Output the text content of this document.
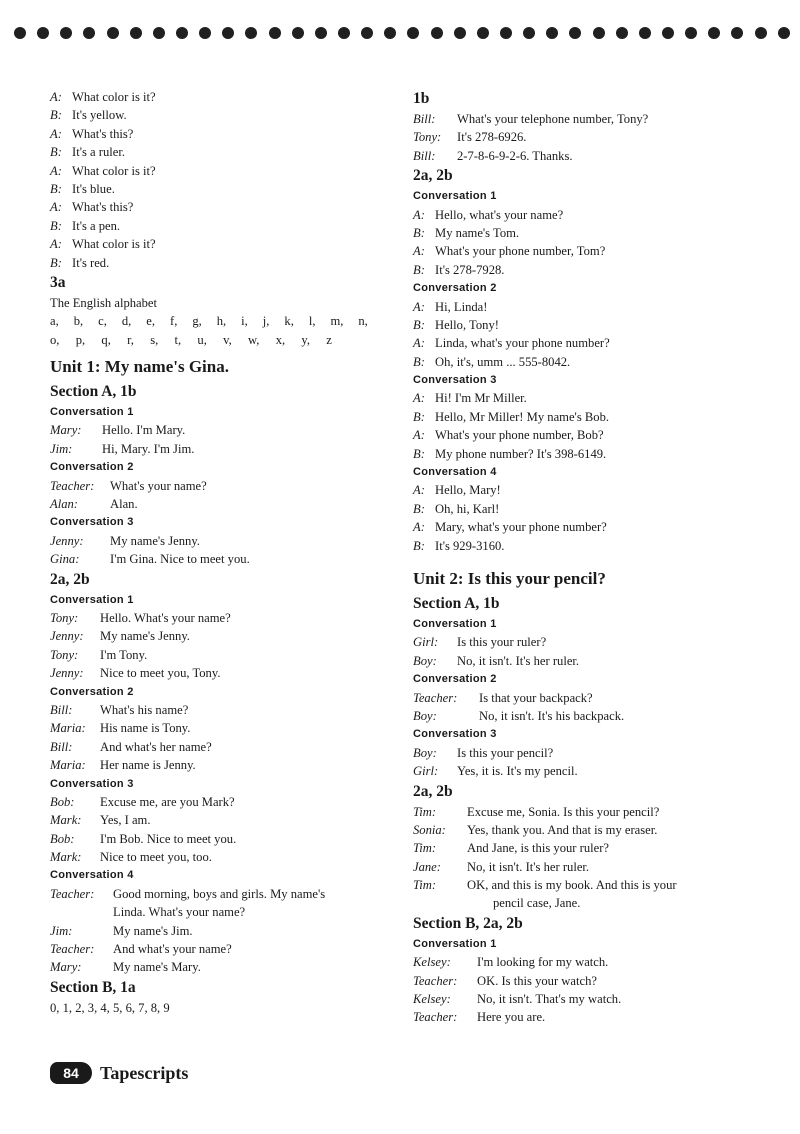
A: What color is it?
B: It's yellow.
A: What's this?
B: It's a ruler.
A: What color is it?
B: It's blue.
A: What's this?
B: It's a pen.
A: What color is it?
B: It's red.
3a
The English alphabet
a, b, c, d, e, f, g, h, i, j, k, l, m, n,
o, p, q, r, s, t, u, v, w, x, y, z
Unit 1: My name's Gina.
Section A, 1b
Conversation 1
Mary:	Hello. I'm Mary.
Jim:	Hi, Mary. I'm Jim.
Conversation 2
Teacher:	What's your name?
Alan:	Alan.
Conversation 3
Jenny:	My name's Jenny.
Gina:	I'm Gina. Nice to meet you.
2a, 2b
Conversation 1
Tony:	Hello. What's your name?
Jenny:	My name's Jenny.
Tony:	I'm Tony.
Jenny:	Nice to meet you, Tony.
Conversation 2
Bill:	What's his name?
Maria:	His name is Tony.
Bill:	And what's her name?
Maria:	Her name is Jenny.
Conversation 3
Bob:	Excuse me, are you Mark?
Mark:	Yes, I am.
Bob:	I'm Bob. Nice to meet you.
Mark:	Nice to meet you, too.
Conversation 4
Teacher:	Good morning, boys and girls. My name's
Linda. What's your name?
Jim:	My name's Jim.
Teacher:	And what's your name?
Mary:	My name's Mary.
Section B, 1a
0, 1, 2, 3, 4, 5, 6, 7, 8, 9
1b
Bill:	What's your telephone number, Tony?
Tony:	It's 278-6926.
Bill:	2-7-8-6-9-2-6. Thanks.
2a, 2b
Conversation 1
A: Hello, what's your name?
B: My name's Tom.
A: What's your phone number, Tom?
B: It's 278-7928.
Conversation 2
A: Hi, Linda!
B: Hello, Tony!
A: Linda, what's your phone number?
B: Oh, it's, umm ... 555-8042.
Conversation 3
A: Hi! I'm Mr Miller.
B: Hello, Mr Miller! My name's Bob.
A: What's your phone number, Bob?
B: My phone number? It's 398-6149.
Conversation 4
A: Hello, Mary!
B: Oh, hi, Karl!
A: Mary, what's your phone number?
B: It's 929-3160.
Unit 2: Is this your pencil?
Section A, 1b
Conversation 1
Girl:	Is this your ruler?
Boy:	No, it isn't. It's her ruler.
Conversation 2
Teacher:	Is that your backpack?
Boy:	No, it isn't. It's his backpack.
Conversation 3
Boy:	Is this your pencil?
Girl:	Yes, it is. It's my pencil.
2a, 2b
Tim:	Excuse me, Sonia. Is this your pencil?
Sonia:	Yes, thank you. And that is my eraser.
Tim:	And Jane, is this your ruler?
Jane:	No, it isn't. It's her ruler.
Tim:	OK, and this is my book. And this is your
pencil case, Jane.
Section B, 2a, 2b
Conversation 1
Kelsey:	I'm looking for my watch.
Teacher:	OK. Is this your watch?
Kelsey:	No, it isn't. That's my watch.
Teacher:	Here you are.
84	Tapescripts
